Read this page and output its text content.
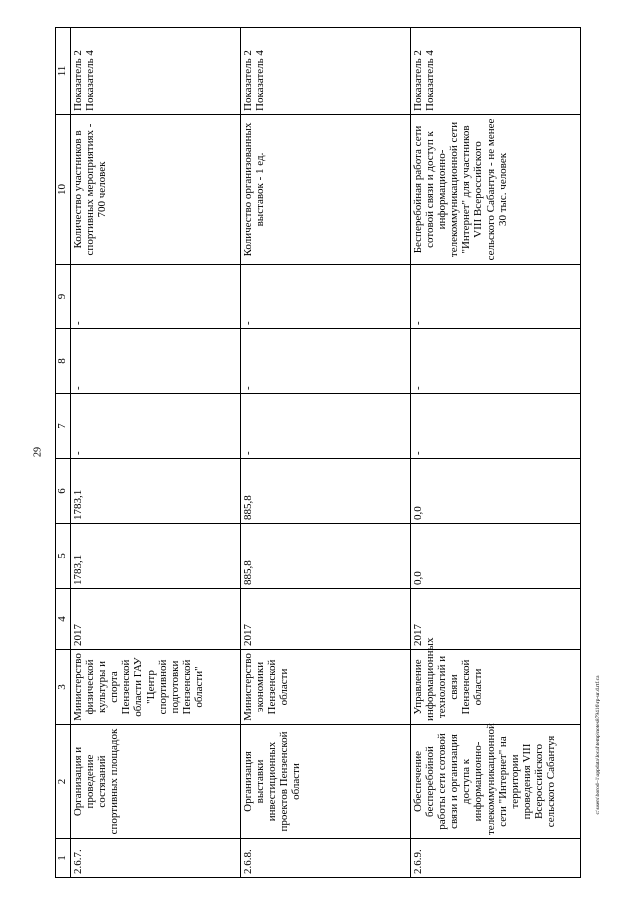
29
c:\users\borod~1\appdata\local\temp\notes879416\rp-ur.d.rtf.ca
1	2	3	4	5	6	7	8	9	10	11
2.6.7.	Организация и проведение состязаний спортивных площадок	Министерство физической культуры и спорта Пензенской области ГАУ "Центр спортивной подготовки Пензенской области"	2017	1783,1	1783,1	-	-	-	Количество участников в спортивных мероприятиях - 700 человек	Показатель 2 Показатель 4
2.6.8.	Организация выставки инвестиционных проектов Пензенской области	Министерство экономики Пензенской области	2017	885,8	885,8	-	-	-	Количество организованных выставок - 1 ед.	Показатель 2 Показатель 4
2.6.9.	Обеспечение бесперебойной работы сети сотовой связи и организация доступа к информационно-телекоммуникационной сети "Интернет" на территории проведения VIII Всероссийского сельского Сабантуя	Управление информационных технологий и связи Пензенской области	2017	0,0	0,0	-	-	-	Бесперебойная работа сети сотовой связи и доступ к информационно-телекоммуникационной сети "Интернет" для участников VIII Всероссийского сельского Сабантуя - не менее 30 тыс. человек	Показатель 2 Показатель 4
